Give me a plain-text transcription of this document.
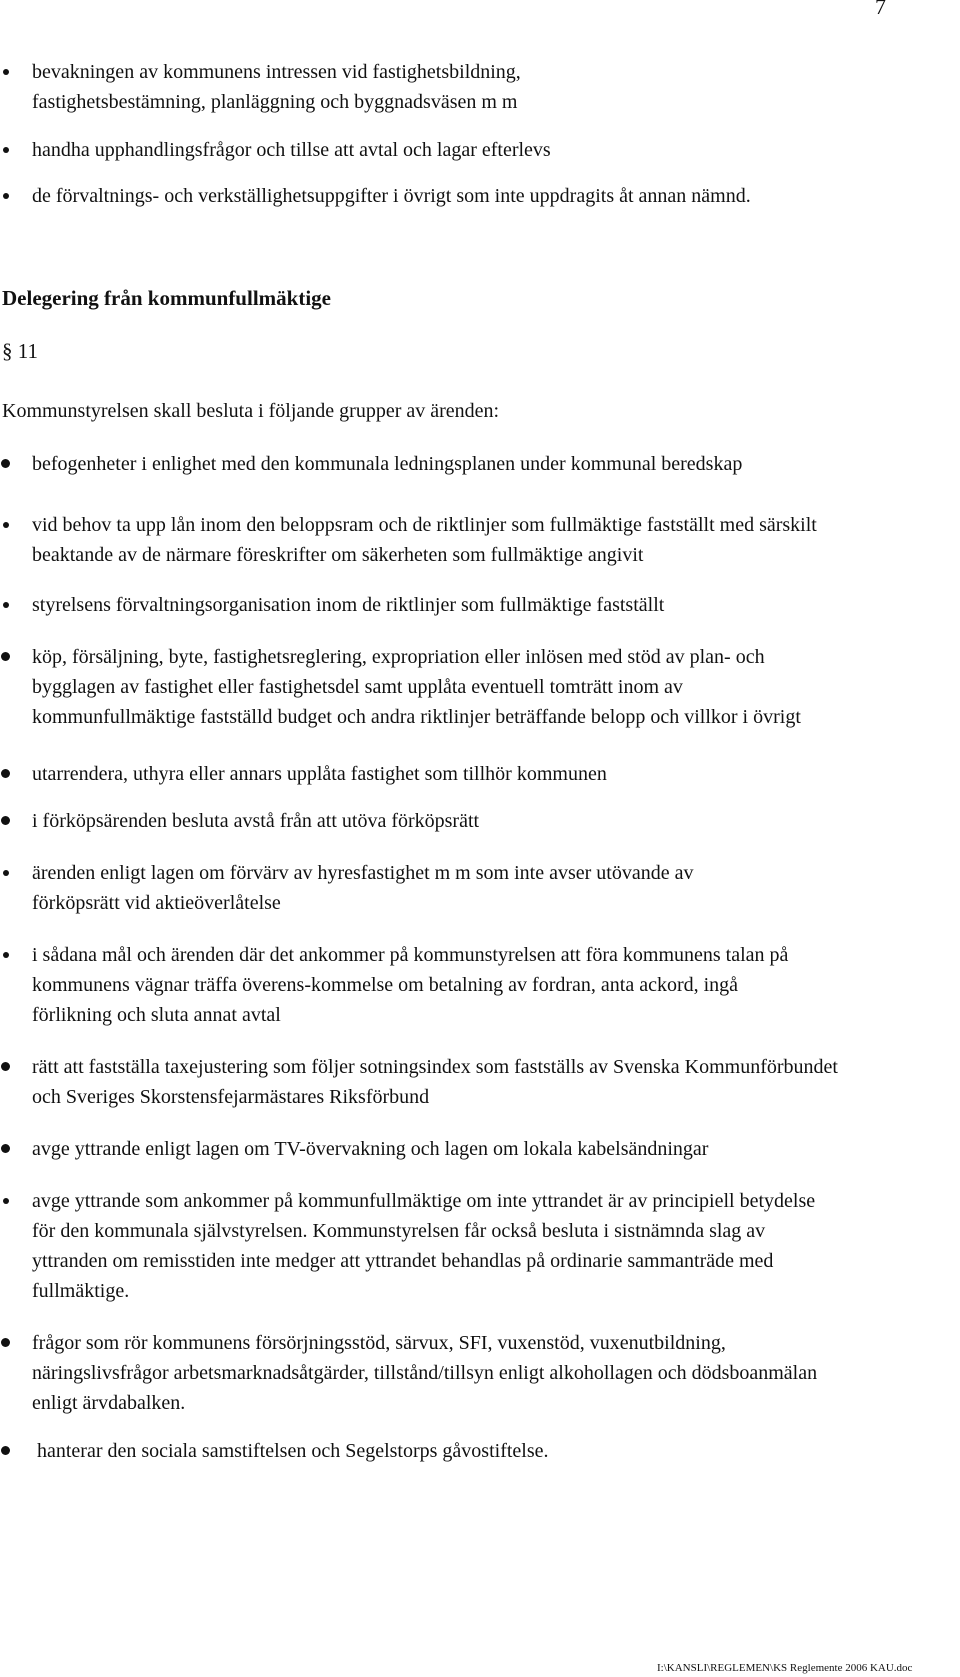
7
bevakningen av kommunens intressen vid fastighetsbildning, fastighetsbestämning, planläggning och byggnadsväsen m m
handha upphandlingsfrågor och tillse att avtal och lagar efterlevs
de förvaltnings- och verkställighetsuppgifter i övrigt som inte uppdragits åt annan nämnd.
Delegering från kommunfullmäktige
§ 11
Kommunstyrelsen skall besluta i följande grupper av ärenden:
befogenheter i enlighet med den kommunala ledningsplanen under kommunal beredskap
vid behov ta upp lån inom den beloppsram och de riktlinjer som fullmäktige fastställt med särskilt beaktande av de närmare föreskrifter om säkerheten som fullmäktige angivit
styrelsens förvaltningsorganisation inom de riktlinjer som fullmäktige fastställt
köp, försäljning, byte, fastighetsreglering, expropriation eller inlösen med stöd av plan- och bygglagen av fastighet eller fastighetsdel samt upplåta eventuell tomträtt inom av kommunfullmäktige fastställd budget och andra riktlinjer beträffande belopp och villkor i övrigt
utarrendera, uthyra eller annars upplåta fastighet som tillhör kommunen
i förköpsärenden besluta avstå från att utöva förköpsrätt
ärenden enligt lagen om förvärv av hyresfastighet m m som inte avser utövande av förköpsrätt vid aktieöverlåtelse
i sådana mål och ärenden där det ankommer på kommunstyrelsen att föra kommunens talan på kommunens vägnar träffa överens-kommelse om betalning av fordran, anta ackord, ingå förlikning och sluta annat avtal
rätt att fastställa taxejustering som följer sotningsindex som fastställs av Svenska Kommunförbundet och Sveriges Skorstensfejarmästares Riksförbund
avge yttrande enligt lagen om TV-övervakning och lagen om lokala kabelsändningar
avge yttrande som ankommer på kommunfullmäktige om inte yttrandet är av principiell betydelse för den kommunala självstyrelsen. Kommunstyrelsen får också besluta i sistnämnda slag av yttranden om remisstiden inte medger att yttrandet behandlas på ordinarie sammanträde med fullmäktige.
frågor som rör kommunens försörjningsstöd, särvux, SFI, vuxenstöd, vuxenutbildning, näringslivsfrågor arbetsmarknadsåtgärder, tillstånd/tillsyn enligt alkohollagen och dödsboanmälan enligt ärvdabalken.
hanterar den sociala samstiftelsen och Segelstorps gåvostiftelse.
I:\KANSLI\REGLEMEN\KS Reglemente 2006 KAU.doc
